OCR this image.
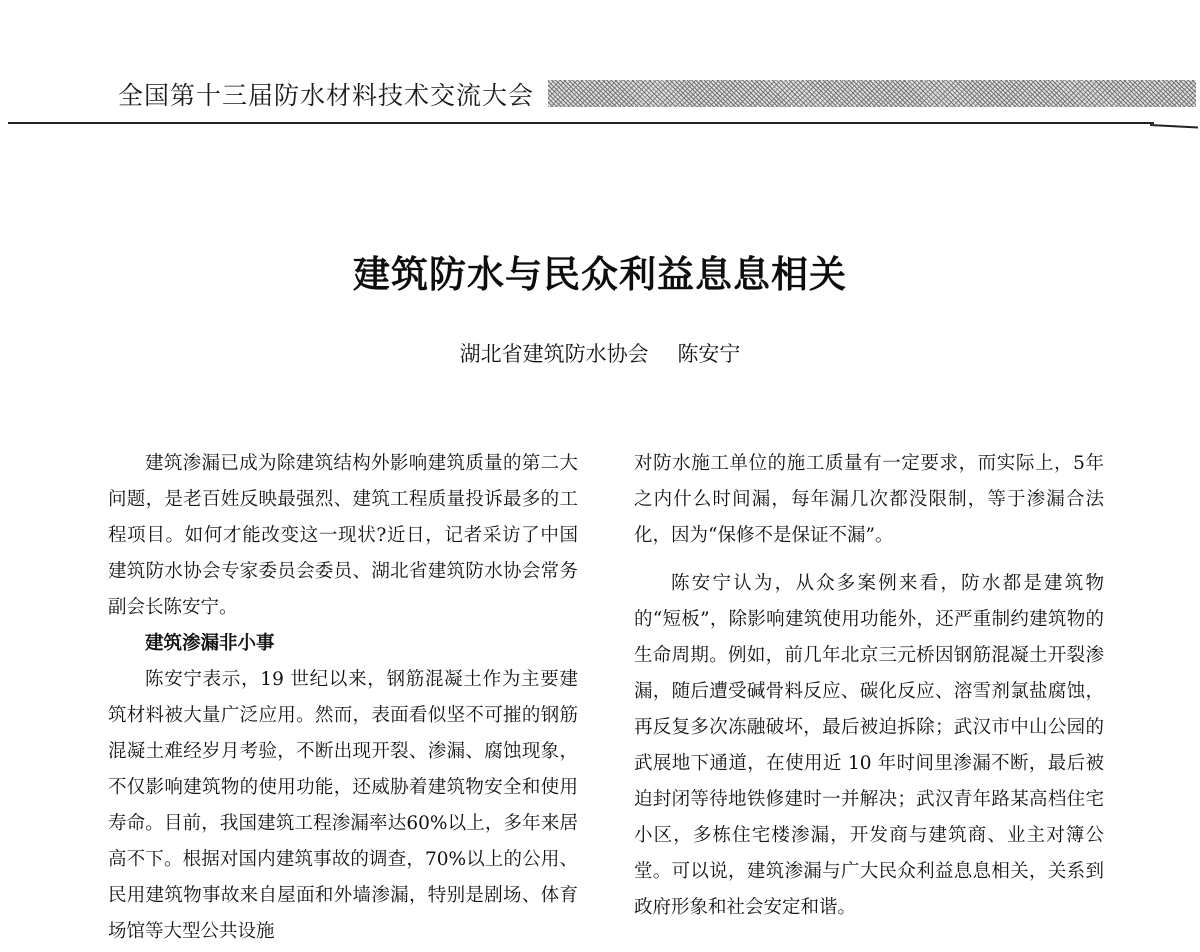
全国第十三届防水材料技术交流大会
建筑防水与民众利益息息相关
湖北省建筑防水协会 陈安宁

建筑渗漏已成为除建筑结构外影响建筑质量的第二大问题，是老百姓反映最强烈、建筑工程质量投诉最多的工程项目。如何才能改变这一现状?近日，记者采访了中国建筑防水协会专家委员会委员、湖北省建筑防水协会常务副会长陈安宁。

建筑渗漏非小事

陈安宁表示，19 世纪以来，钢筋混凝土作为主要建筑材料被大量广泛应用。然而，表面看似坚不可摧的钢筋混凝土难经岁月考验，不断出现开裂、渗漏、腐蚀现象，不仅影响建筑物的使用功能，还威胁着建筑物安全和使用寿命。目前，我国建筑工程渗漏率达60%以上，多年来居高不下。根据对国内建筑事故的调查，70%以上的公用、民用建筑物事故来自屋面和外墙渗漏，特别是剧场、体育场馆等大型公共设施

对防水施工单位的施工质量有一定要求，而实际上，5年之内什么时间漏，每年漏几次都没限制，等于渗漏合法化，因为“保修不是保证不漏”。

陈安宁认为，从众多案例来看，防水都是建筑物的“短板”，除影响建筑使用功能外，还严重制约建筑物的生命周期。例如，前几年北京三元桥因钢筋混凝土开裂渗漏，随后遭受碱骨料反应、碳化反应、溶雪剂氯盐腐蚀，再反复多次冻融破坏，最后被迫拆除；武汉市中山公园的武展地下通道，在使用近 10 年时间里渗漏不断，最后被迫封闭等待地铁修建时一并解决；武汉青年路某高档住宅小区，多栋住宅楼渗漏，开发商与建筑商、业主对簿公堂。可以说，建筑渗漏与广大民众利益息息相关，关系到政府形象和社会安定和谐。
